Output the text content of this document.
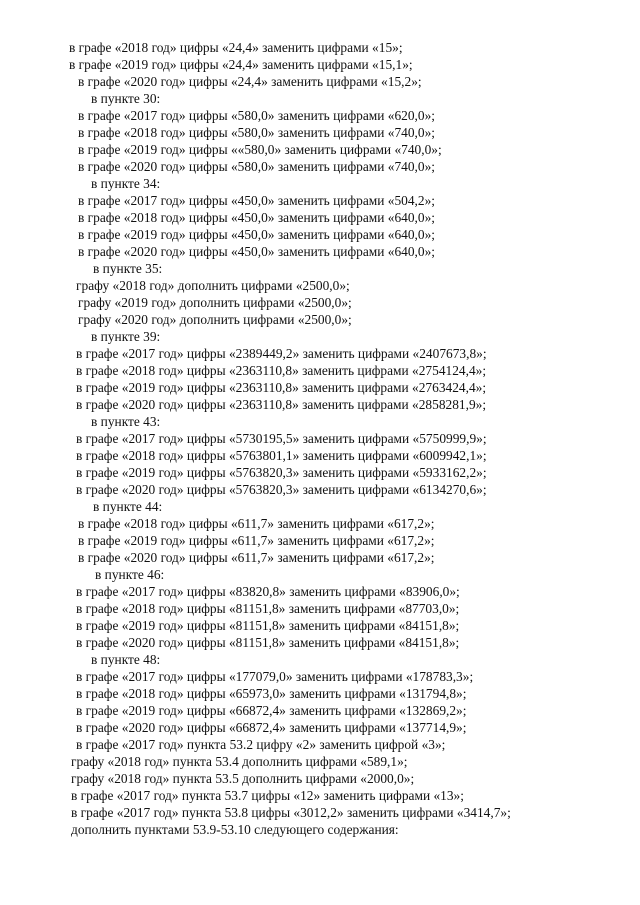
в графе «2018 год» цифры «24,4» заменить цифрами «15»;
в графе «2019 год» цифры «24,4» заменить цифрами «15,1»;
в графе «2020 год» цифры «24,4» заменить цифрами «15,2»;
в пункте 30:
в графе «2017 год» цифры «580,0» заменить цифрами «620,0»;
в графе «2018 год» цифры «580,0» заменить цифрами «740,0»;
в графе «2019 год» цифры ««580,0» заменить цифрами «740,0»;
в графе «2020 год» цифры «580,0» заменить цифрами «740,0»;
в пункте 34:
в графе «2017 год» цифры «450,0» заменить цифрами «504,2»;
в графе «2018 год» цифры «450,0» заменить цифрами «640,0»;
в графе «2019 год» цифры «450,0» заменить цифрами «640,0»;
в графе «2020 год» цифры «450,0» заменить цифрами «640,0»;
в пункте 35:
графу «2018 год» дополнить цифрами «2500,0»;
графу «2019 год» дополнить цифрами «2500,0»;
графу «2020 год» дополнить цифрами «2500,0»;
в пункте 39:
в графе «2017 год» цифры «2389449,2» заменить цифрами «2407673,8»;
в графе «2018 год» цифры «2363110,8» заменить цифрами «2754124,4»;
в графе «2019 год» цифры «2363110,8» заменить цифрами «2763424,4»;
в графе «2020 год» цифры «2363110,8» заменить цифрами «2858281,9»;
в пункте 43:
в графе «2017 год» цифры «5730195,5» заменить цифрами «5750999,9»;
в графе «2018 год» цифры «5763801,1» заменить цифрами «6009942,1»;
в графе «2019 год» цифры «5763820,3» заменить цифрами «5933162,2»;
в графе «2020 год» цифры «5763820,3» заменить цифрами «6134270,6»;
в пункте 44:
в графе «2018 год» цифры «611,7» заменить цифрами «617,2»;
в графе «2019 год» цифры «611,7» заменить цифрами «617,2»;
в графе «2020 год» цифры «611,7» заменить цифрами «617,2»;
в пункте 46:
в графе «2017 год» цифры «83820,8» заменить цифрами «83906,0»;
в графе «2018 год» цифры «81151,8» заменить цифрами «87703,0»;
в графе «2019 год» цифры «81151,8» заменить цифрами «84151,8»;
в графе «2020 год» цифры «81151,8» заменить цифрами «84151,8»;
в пункте 48:
в графе «2017 год» цифры «177079,0» заменить цифрами «178783,3»;
в графе «2018 год» цифры «65973,0» заменить цифрами «131794,8»;
в графе «2019 год» цифры «66872,4» заменить цифрами «132869,2»;
в графе «2020 год» цифры «66872,4» заменить цифрами «137714,9»;
в графе «2017 год» пункта 53.2 цифру «2» заменить цифрой «3»;
графу «2018 год» пункта 53.4 дополнить цифрами «589,1»;
графу «2018 год» пункта 53.5 дополнить цифрами «2000,0»;
в графе «2017 год» пункта 53.7 цифры «12» заменить цифрами «13»;
в графе «2017 год» пункта 53.8 цифры «3012,2» заменить цифрами «3414,7»;
дополнить пунктами 53.9-53.10 следующего содержания:
